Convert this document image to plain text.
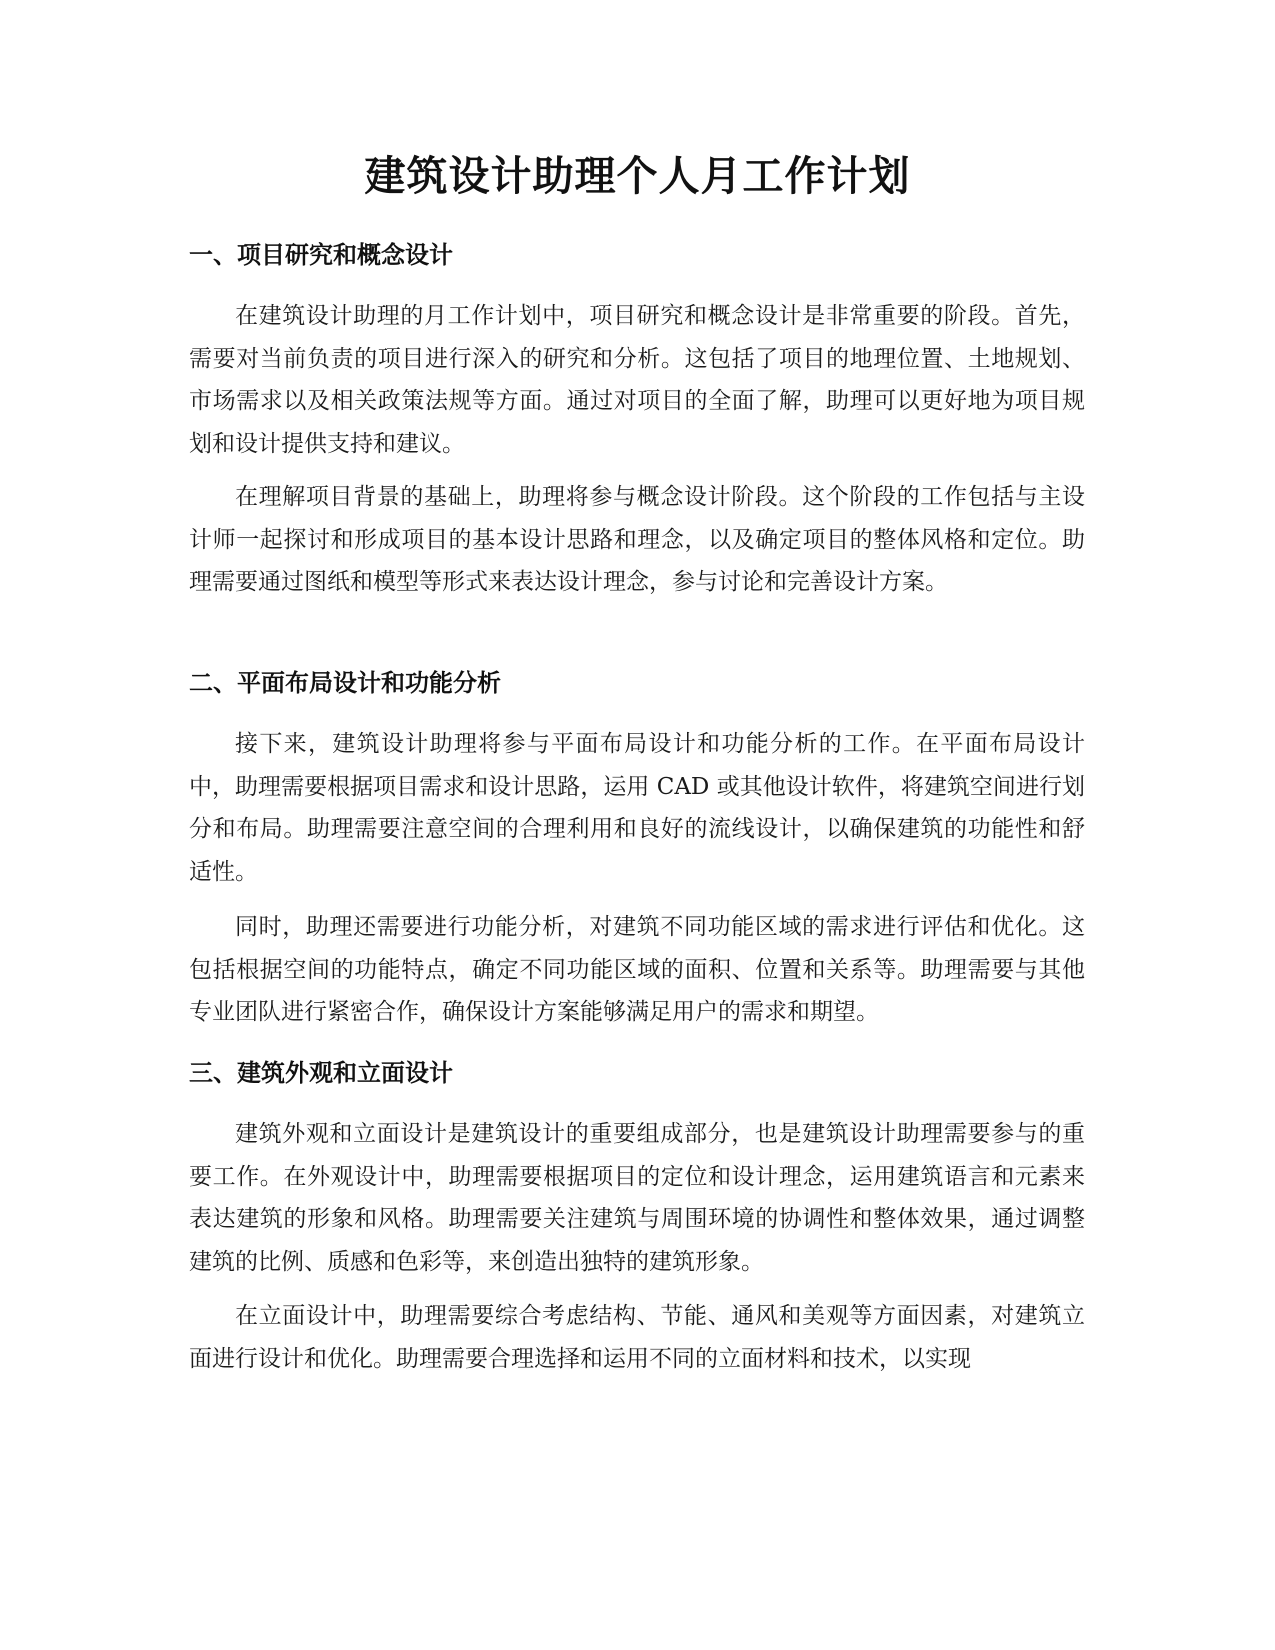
建筑设计助理个人月工作计划
一、项目研究和概念设计

在建筑设计助理的月工作计划中，项目研究和概念设计是非常重要的阶段。首先，需要对当前负责的项目进行深入的研究和分析。这包括了项目的地理位置、土地规划、市场需求以及相关政策法规等方面。通过对项目的全面了解，助理可以更好地为项目规划和设计提供支持和建议。

在理解项目背景的基础上，助理将参与概念设计阶段。这个阶段的工作包括与主设计师一起探讨和形成项目的基本设计思路和理念，以及确定项目的整体风格和定位。助理需要通过图纸和模型等形式来表达设计理念，参与讨论和完善设计方案。

二、平面布局设计和功能分析

接下来，建筑设计助理将参与平面布局设计和功能分析的工作。在平面布局设计中，助理需要根据项目需求和设计思路，运用 CAD 或其他设计软件，将建筑空间进行划分和布局。助理需要注意空间的合理利用和良好的流线设计，以确保建筑的功能性和舒适性。

同时，助理还需要进行功能分析，对建筑不同功能区域的需求进行评估和优化。这包括根据空间的功能特点，确定不同功能区域的面积、位置和关系等。助理需要与其他专业团队进行紧密合作，确保设计方案能够满足用户的需求和期望。

三、建筑外观和立面设计

建筑外观和立面设计是建筑设计的重要组成部分，也是建筑设计助理需要参与的重要工作。在外观设计中，助理需要根据项目的定位和设计理念，运用建筑语言和元素来表达建筑的形象和风格。助理需要关注建筑与周围环境的协调性和整体效果，通过调整建筑的比例、质感和色彩等，来创造出独特的建筑形象。

在立面设计中，助理需要综合考虑结构、节能、通风和美观等方面因素，对建筑立面进行设计和优化。助理需要合理选择和运用不同的立面材料和技术，以实现
